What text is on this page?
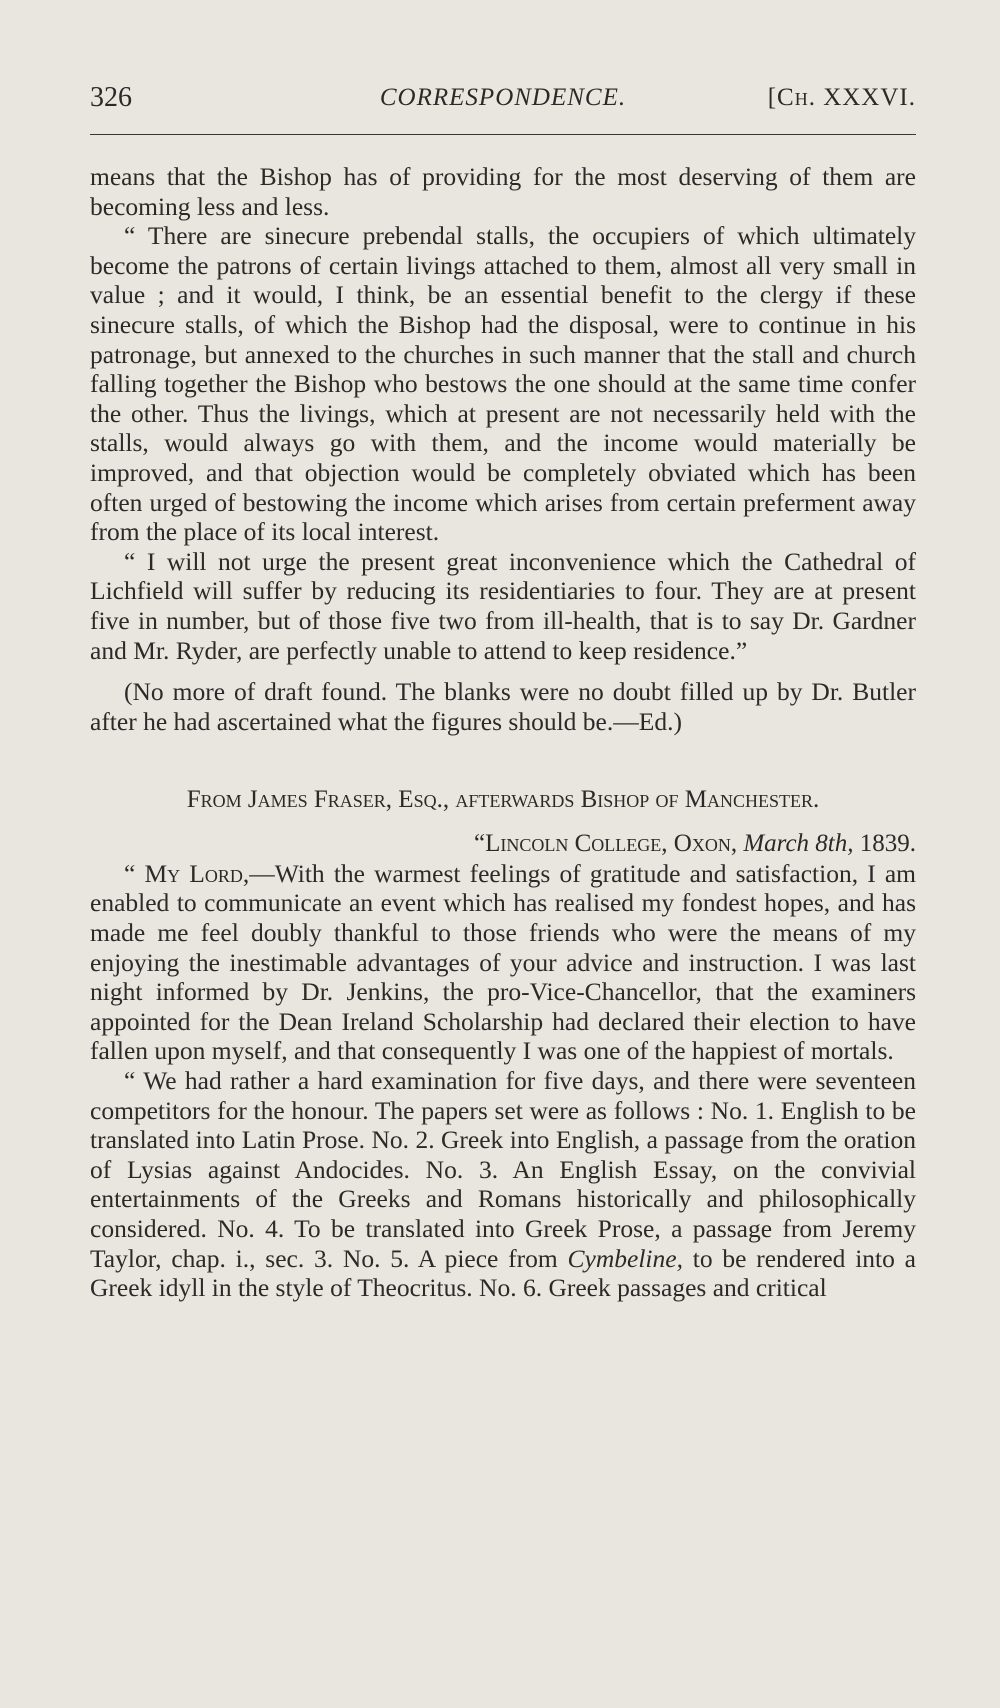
326	CORRESPONDENCE.	[Ch. XXXVI.

means that the Bishop has of providing for the most deserving of them are becoming less and less.

“ There are sinecure prebendal stalls, the occupiers of which ultimately become the patrons of certain livings attached to them, almost all very small in value ; and it would, I think, be an essential benefit to the clergy if these sinecure stalls, of which the Bishop had the disposal, were to continue in his patronage, but annexed to the churches in such manner that the stall and church falling together the Bishop who bestows the one should at the same time confer the other. Thus the livings, which at present are not necessarily held with the stalls, would always go with them, and the income would materially be improved, and that objection would be completely obviated which has been often urged of bestowing the income which arises from certain preferment away from the place of its local interest.

“ I will not urge the present great inconvenience which the Cathedral of Lichfield will suffer by reducing its residentiaries to four. They are at present five in number, but of those five two from ill-health, that is to say Dr. Gardner and Mr. Ryder, are perfectly unable to attend to keep residence.”

(No more of draft found. The blanks were no doubt filled up by Dr. Butler after he had ascertained what the figures should be.—Ed.)

From James Fraser, Esq., afterwards Bishop of Manchester.

“Lincoln College, Oxon, March 8th, 1839.

“ My Lord,—With the warmest feelings of gratitude and satisfaction, I am enabled to communicate an event which has realised my fondest hopes, and has made me feel doubly thankful to those friends who were the means of my enjoying the inestimable advantages of your advice and instruction. I was last night informed by Dr. Jenkins, the pro-Vice-Chancellor, that the examiners appointed for the Dean Ireland Scholarship had declared their election to have fallen upon myself, and that consequently I was one of the happiest of mortals.

“ We had rather a hard examination for five days, and there were seventeen competitors for the honour. The papers set were as follows : No. 1. English to be translated into Latin Prose. No. 2. Greek into English, a passage from the oration of Lysias against Andocides. No. 3. An English Essay, on the convivial entertainments of the Greeks and Romans historically and philosophically considered. No. 4. To be translated into Greek Prose, a passage from Jeremy Taylor, chap. i., sec. 3. No. 5. A piece from Cymbeline, to be rendered into a Greek idyll in the style of Theocritus. No. 6. Greek passages and critical
